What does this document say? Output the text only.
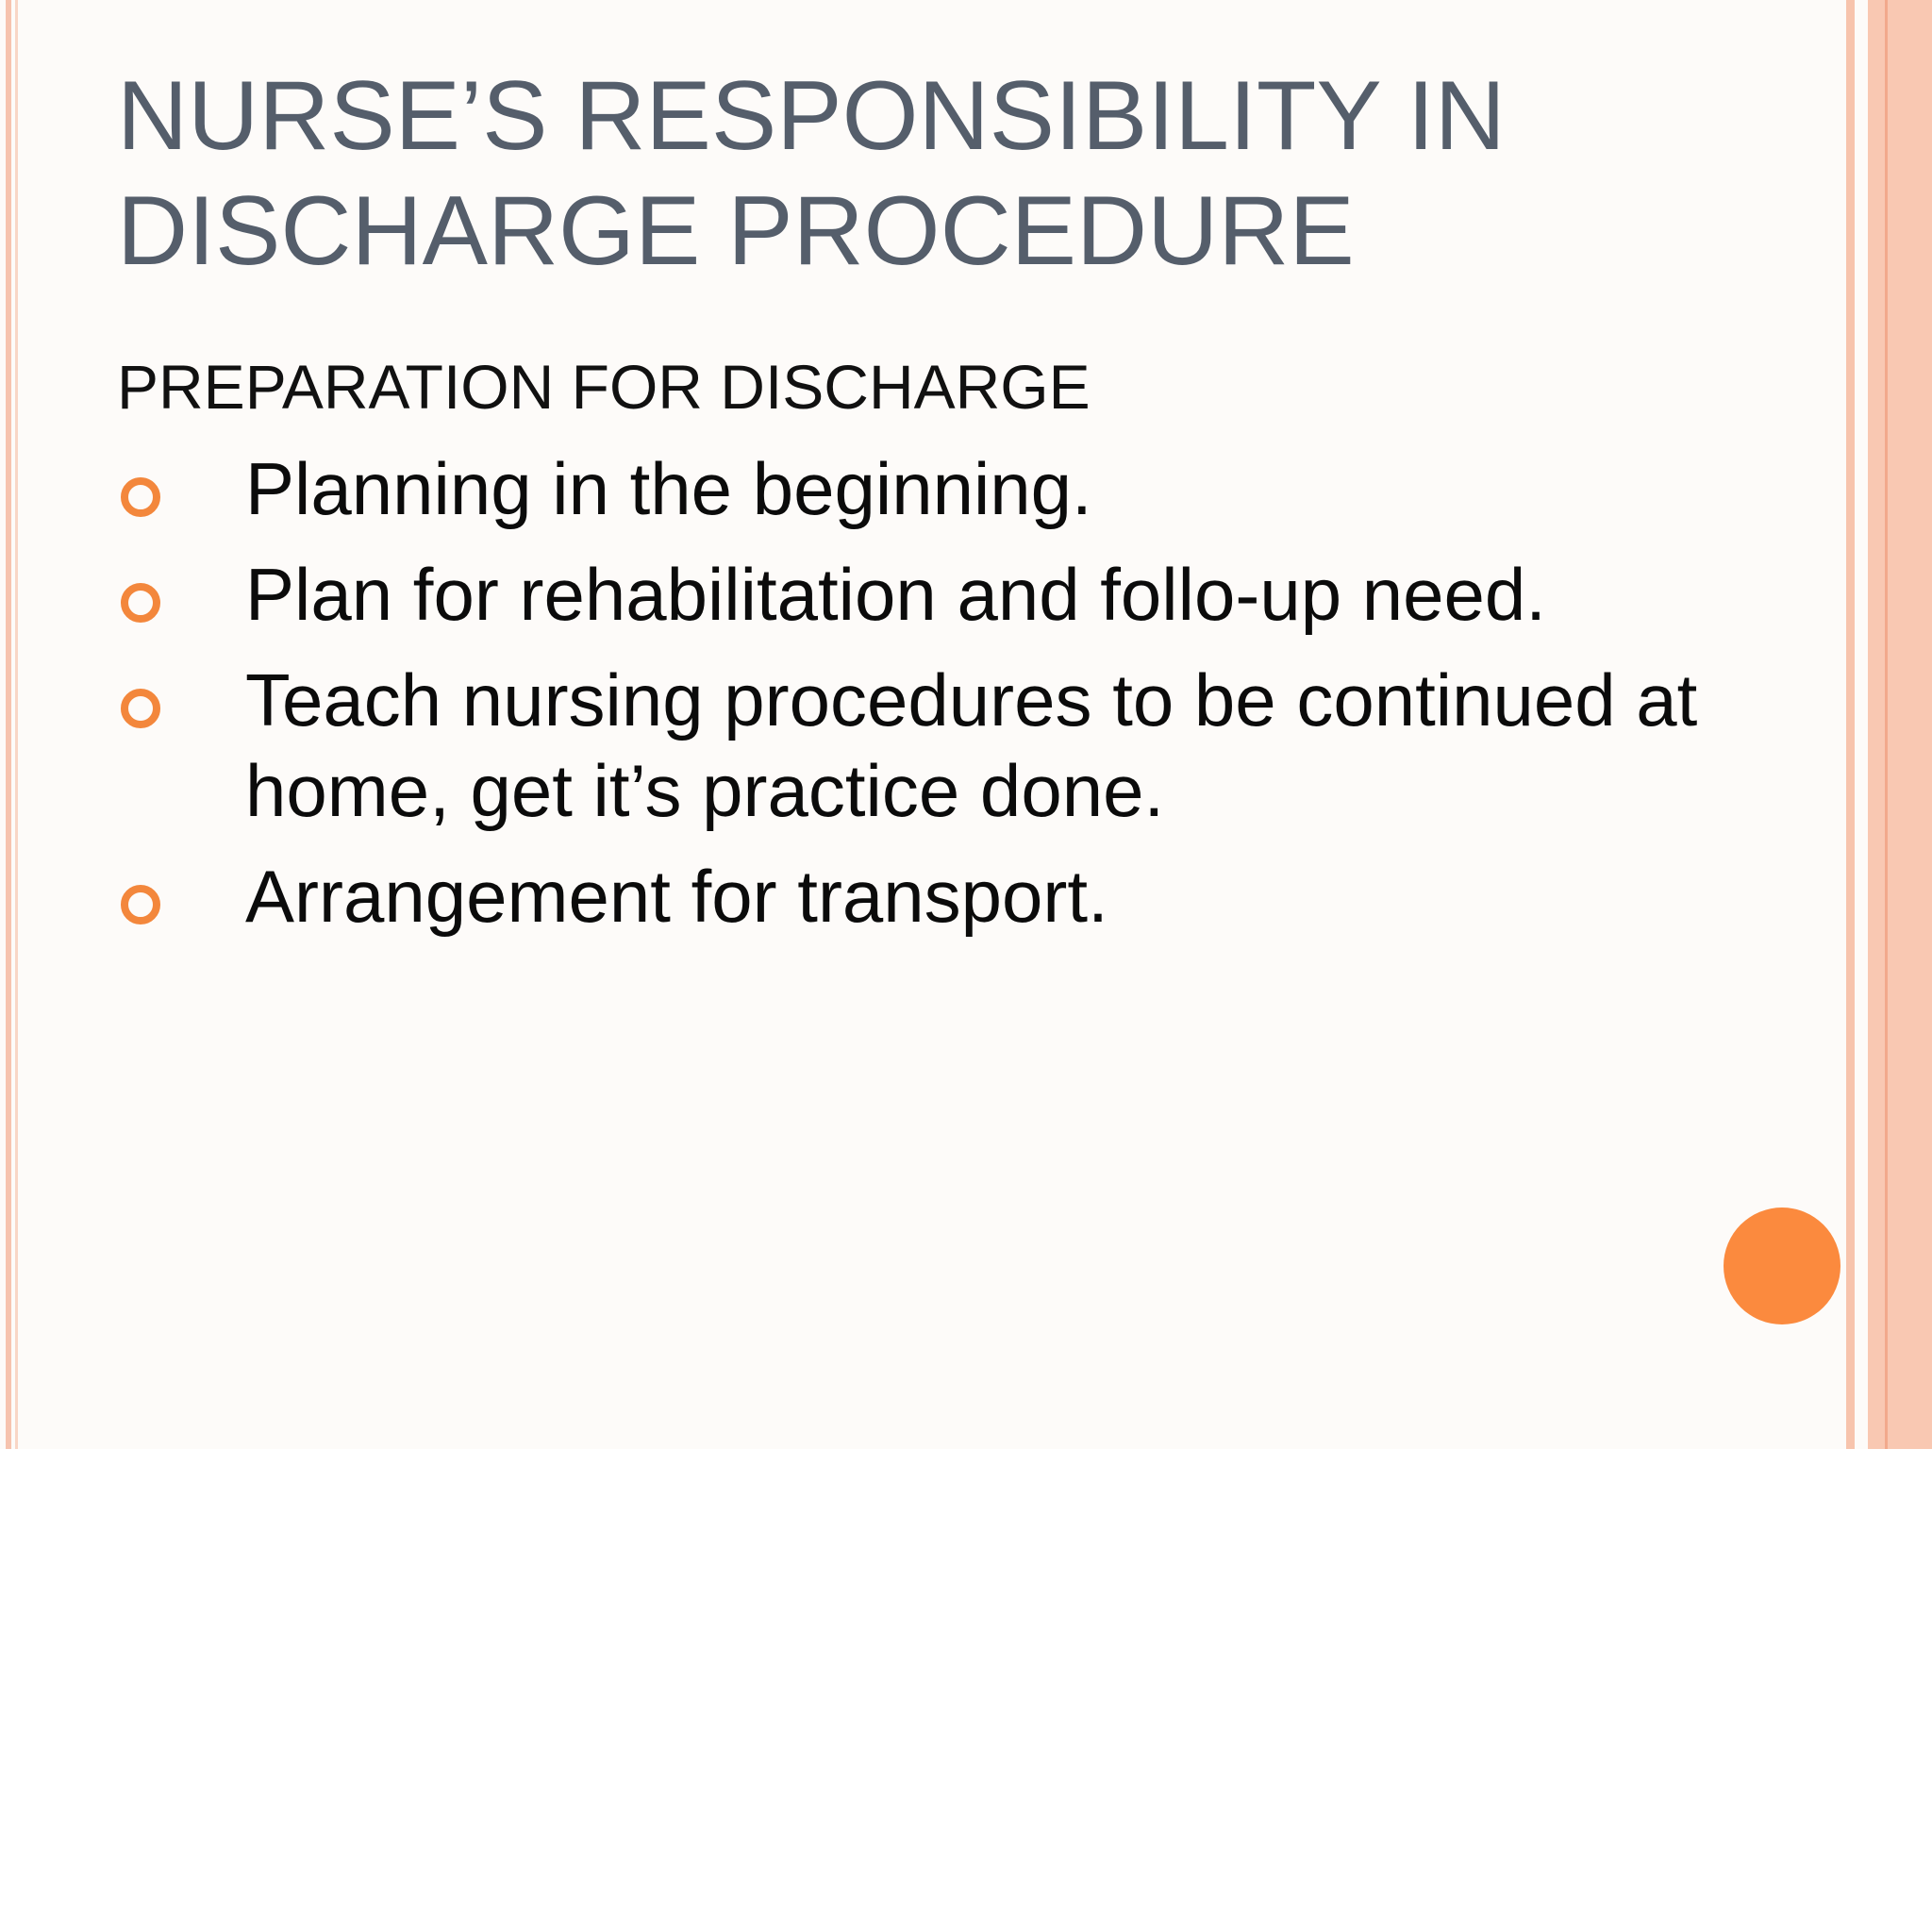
NURSE’S RESPONSIBILITY IN
DISCHARGE PROCEDURE

PREPARATION FOR DISCHARGE

Planning in the beginning.
Plan for rehabilitation and follo-up need.
Teach nursing procedures to be continued at home, get it’s practice done.
Arrangement for transport.
